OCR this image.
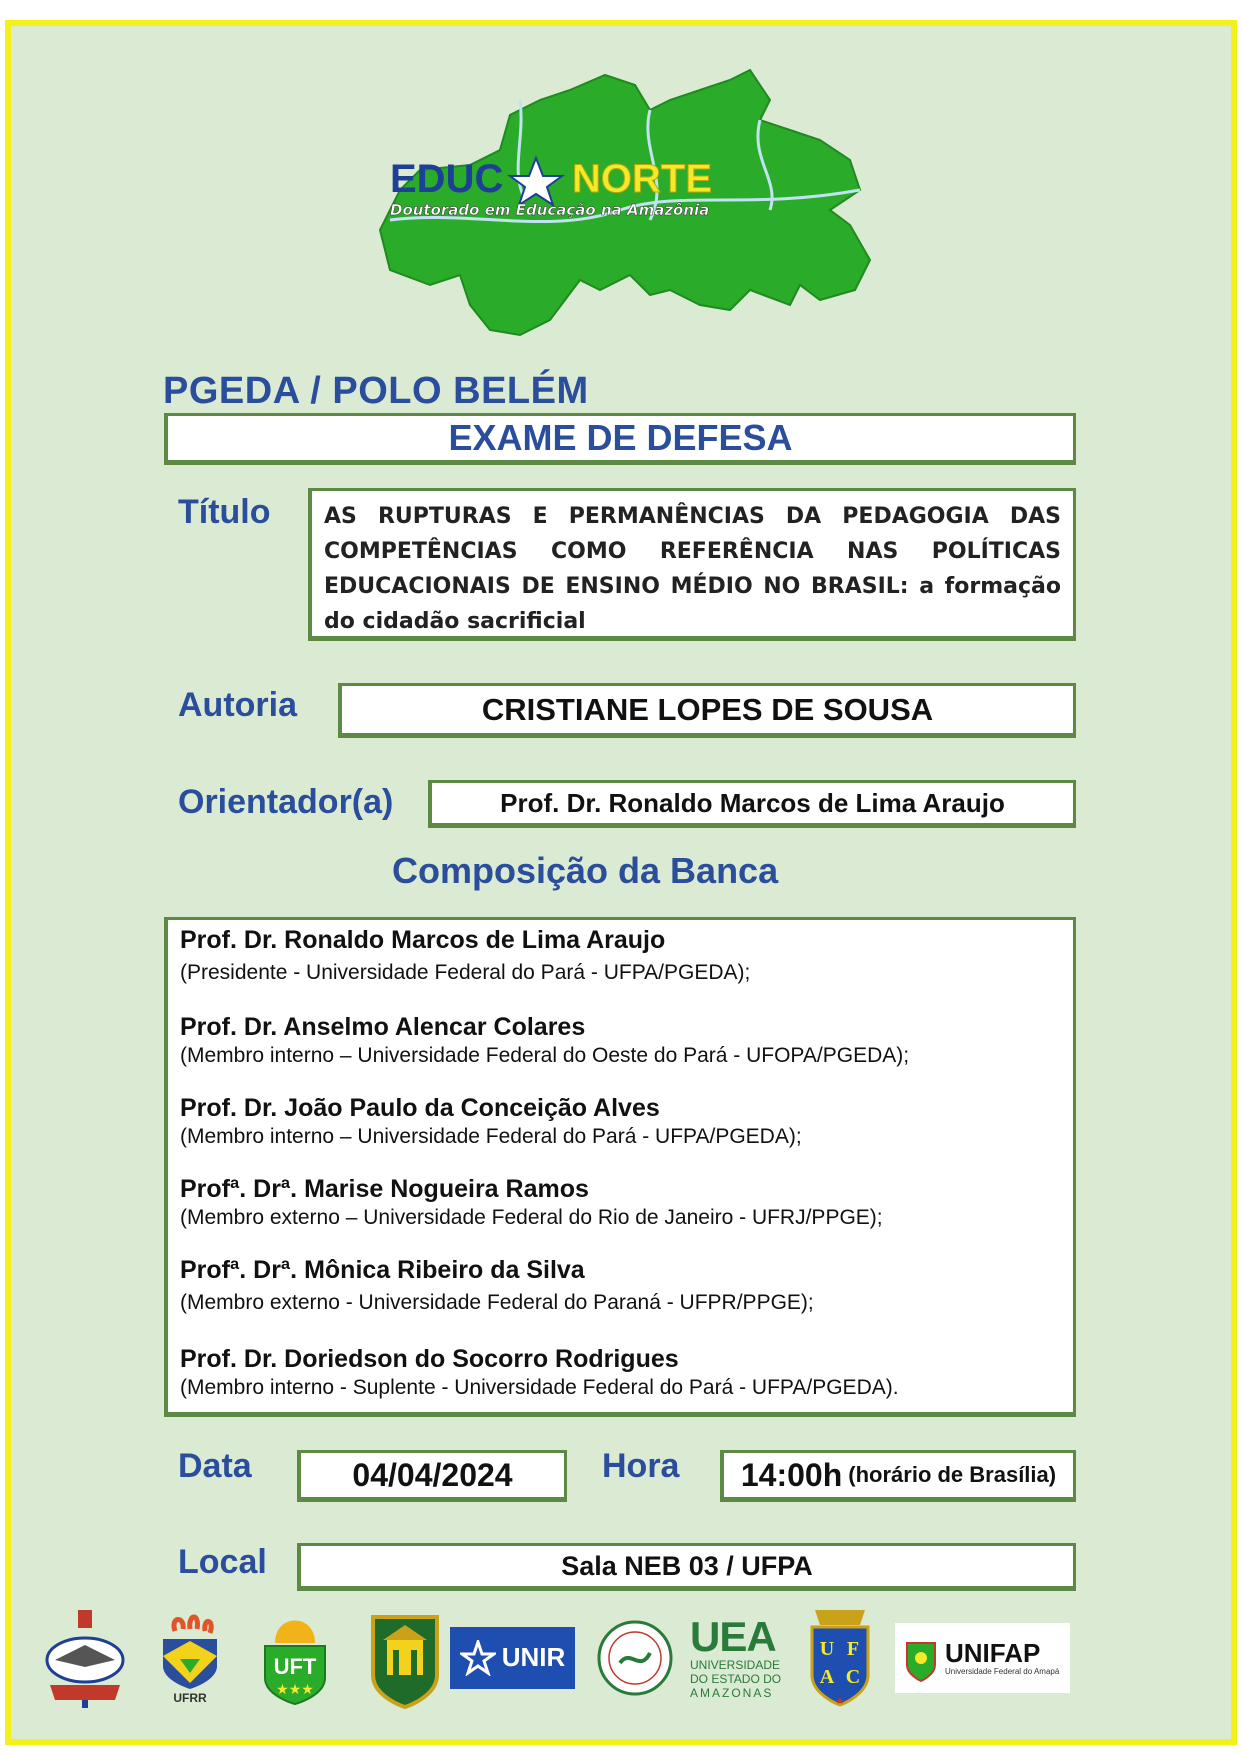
EDUC NORTE
Doutorado em Educação na Amazônia
PGEDA / POLO BELÉM
EXAME DE DEFESA
Título AS RUPTURAS E PERMANÊNCIAS DA PEDAGOGIA DAS COMPETÊNCIAS COMO REFERÊNCIA NAS POLÍTICAS EDUCACIONAIS DE ENSINO MÉDIO NO BRASIL: a formação do cidadão sacrificial
Autoria	CRISTIANE LOPES DE SOUSA
Orientador(a)	Prof. Dr. Ronaldo Marcos de Lima Araujo
Composição da Banca
Prof. Dr. Ronaldo Marcos de Lima Araujo
(Presidente - Universidade Federal do Pará - UFPA/PGEDA);
Prof. Dr. Anselmo Alencar Colares
(Membro interno – Universidade Federal do Oeste do Pará - UFOPA/PGEDA);
Prof. Dr. João Paulo da Conceição Alves
(Membro interno – Universidade Federal do Pará - UFPA/PGEDA);
Profª. Drª. Marise Nogueira Ramos
(Membro externo – Universidade Federal do Rio de Janeiro - UFRJ/PPGE);
Profª. Drª. Mônica Ribeiro da Silva
(Membro externo - Universidade Federal do Paraná - UFPR/PPGE);
Prof. Dr. Doriedson do Socorro Rodrigues
(Membro interno - Suplente - Universidade Federal do Pará - UFPA/PGEDA).
Data	04/04/2024	Hora 14:00h (horário de Brasília)
Local	Sala NEB 03 / UFPA
UFRR
UFT
★★★
UNIR	UEA
UNIVERSIDADE
DO ESTADO DO
AMAZONAS
U F
A C
UNIFAP
Universidade Federal do Amapá
